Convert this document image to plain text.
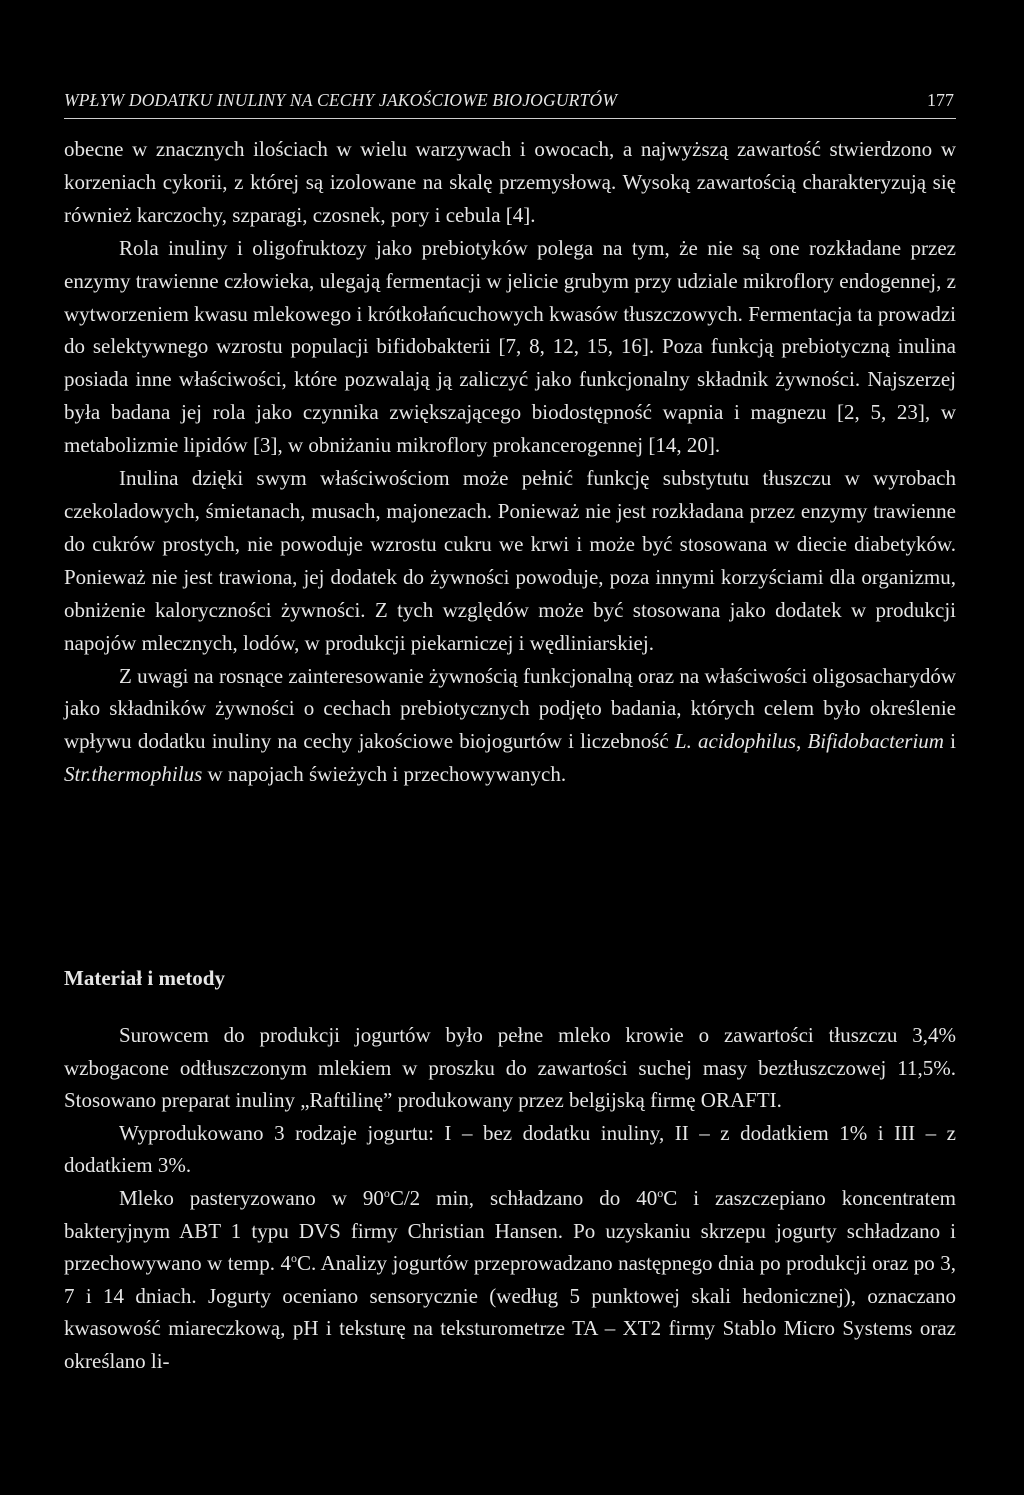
WPŁYW DODATKU INULINY NA CECHY JAKOŚCIOWE BIOJOGURTÓW	177

obecne w znacznych ilościach w wielu warzywach i owocach, a najwyższą zawartość stwierdzono w korzeniach cykorii, z której są izolowane na skalę przemysłową. Wysoką zawartością charakteryzują się również karczochy, szparagi, czosnek, pory i cebula [4].

Rola inuliny i oligofruktozy jako prebiotyków polega na tym, że nie są one rozkładane przez enzymy trawienne człowieka, ulegają fermentacji w jelicie grubym przy udziale mikroflory endogennej, z wytworzeniem kwasu mlekowego i krótkołańcuchowych kwasów tłuszczowych. Fermentacja ta prowadzi do selektywnego wzrostu populacji bifidobakterii [7, 8, 12, 15, 16]. Poza funkcją prebiotyczną inulina posiada inne właściwości, które pozwalają ją zaliczyć jako funkcjonalny składnik żywności. Najszerzej była badana jej rola jako czynnika zwiększającego biodostępność wapnia i magnezu [2, 5, 23], w metabolizmie lipidów [3], w obniżaniu mikroflory prokancerogennej [14, 20].

Inulina dzięki swym właściwościom może pełnić funkcję substytutu tłuszczu w wyrobach czekoladowych, śmietanach, musach, majonezach. Ponieważ nie jest rozkładana przez enzymy trawienne do cukrów prostych, nie powoduje wzrostu cukru we krwi i może być stosowana w diecie diabetyków. Ponieważ nie jest trawiona, jej dodatek do żywności powoduje, poza innymi korzyściami dla organizmu, obniżenie kaloryczności żywności. Z tych względów może być stosowana jako dodatek w produkcji napojów mlecznych, lodów, w produkcji piekarniczej i wędliniarskiej.

Z uwagi na rosnące zainteresowanie żywnością funkcjonalną oraz na właściwości oligosacharydów jako składników żywności o cechach prebiotycznych podjęto badania, których celem było określenie wpływu dodatku inuliny na cechy jakościowe biojogurtów i liczebność L. acidophilus, Bifidobacterium i Str.thermophilus w napojach świeżych i przechowywanych.

Materiał i metody

Surowcem do produkcji jogurtów było pełne mleko krowie o zawartości tłuszczu 3,4% wzbogacone odtłuszczonym mlekiem w proszku do zawartości suchej masy beztłuszczowej 11,5%. Stosowano preparat inuliny „Raftilinę” produkowany przez belgijską firmę ORAFTI.

Wyprodukowano 3 rodzaje jogurtu: I – bez dodatku inuliny, II – z dodatkiem 1% i III – z dodatkiem 3%.

Mleko pasteryzowano w 90$^o$C/2 min, schładzano do 40$^o$C i zaszczepiano koncentratem bakteryjnym ABT 1 typu DVS firmy Christian Hansen. Po uzyskaniu skrzepu jogurty schładzano i przechowywano w temp. 4$^o$C. Analizy jogurtów przeprowadzano następnego dnia po produkcji oraz po 3, 7 i 14 dniach. Jogurty oceniano sensorycznie (według 5 punktowej skali hedonicznej), oznaczano kwasowość miareczkową, pH i teksturę na teksturometrze TA – XT2 firmy Stablo Micro Systems oraz określano li-
